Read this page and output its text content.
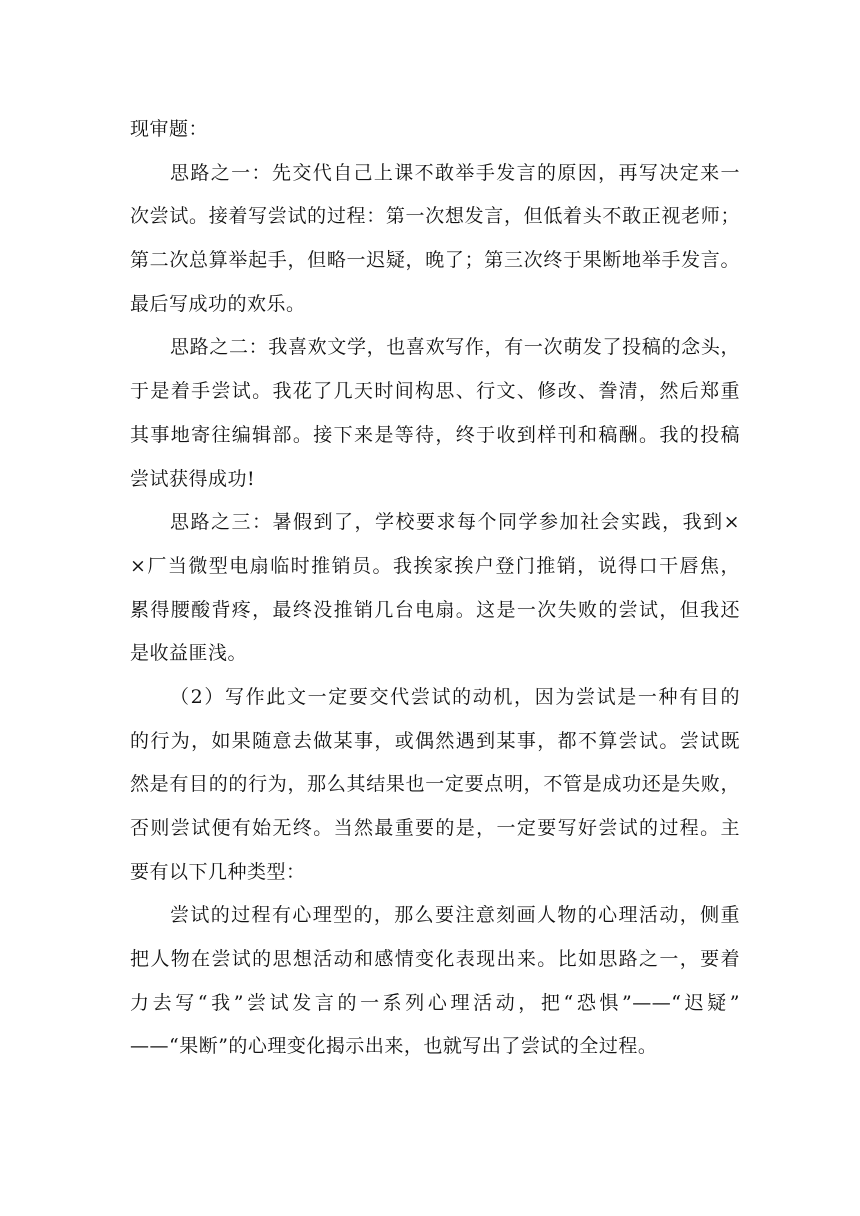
现审题：
思路之一：先交代自己上课不敢举手发言的原因，再写决定来一
次尝试。接着写尝试的过程：第一次想发言，但低着头不敢正视老师；
第二次总算举起手，但略一迟疑，晚了；第三次终于果断地举手发言。
最后写成功的欢乐。
思路之二：我喜欢文学，也喜欢写作，有一次萌发了投稿的念头，
于是着手尝试。我花了几天时间构思、行文、修改、誊清，然后郑重
其事地寄往编辑部。接下来是等待，终于收到样刊和稿酬。我的投稿
尝试获得成功!
思路之三：暑假到了，学校要求每个同学参加社会实践，我到×
×厂当微型电扇临时推销员。我挨家挨户登门推销，说得口干唇焦，
累得腰酸背疼，最终没推销几台电扇。这是一次失败的尝试，但我还
是收益匪浅。
（2）写作此文一定要交代尝试的动机，因为尝试是一种有目的
的行为，如果随意去做某事，或偶然遇到某事，都不算尝试。尝试既
然是有目的的行为，那么其结果也一定要点明，不管是成功还是失败，
否则尝试便有始无终。当然最重要的是，一定要写好尝试的过程。主
要有以下几种类型：
尝试的过程有心理型的，那么要注意刻画人物的心理活动，侧重
把人物在尝试的思想活动和感情变化表现出来。比如思路之一，要着
力去写“我”尝试发言的一系列心理活动，把“恐惧”——“迟疑”
——“果断”的心理变化揭示出来，也就写出了尝试的全过程。
